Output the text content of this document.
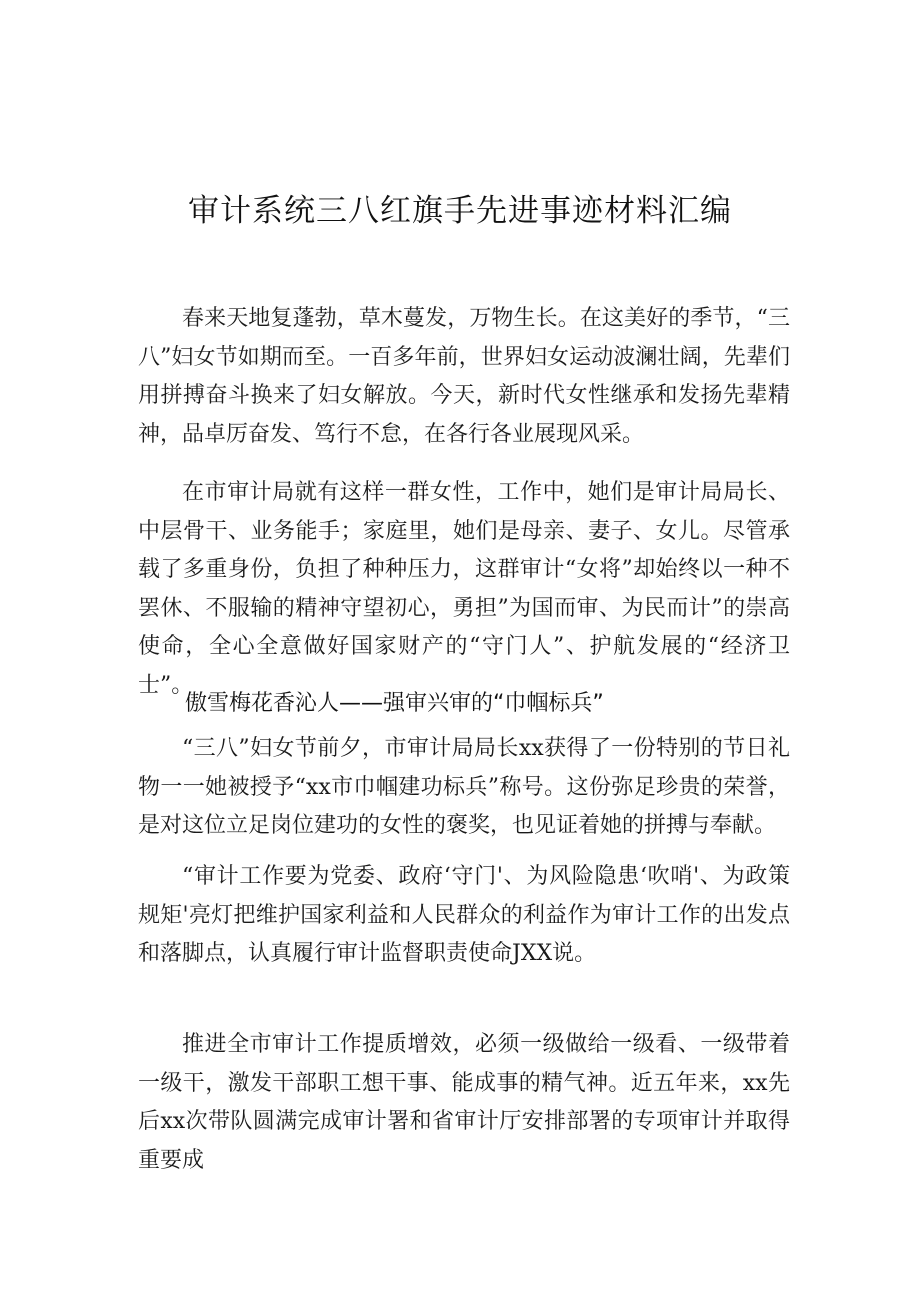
审计系统三八红旗手先进事迹材料汇编

春来天地复蓬勃，草木蔓发，万物生长。在这美好的季节，“三八”妇女节如期而至。一百多年前，世界妇女运动波澜壮阔，先辈们用拼搏奋斗换来了妇女解放。今天，新时代女性继承和发扬先辈精神，品卓厉奋发、笃行不怠，在各行各业展现风采。

在市审计局就有这样一群女性，工作中，她们是审计局局长、中层骨干、业务能手；家庭里，她们是母亲、妻子、女儿。尽管承载了多重身份，负担了种种压力，这群审计“女将”却始终以一种不罢休、不服输的精神守望初心，勇担”为国而审、为民而计”的崇高使命，全心全意做好国家财产的“守门人”、护航发展的“经济卫士”。

傲雪梅花香沁人——强审兴审的“巾帼标兵”

“三八”妇女节前夕，市审计局局长xx获得了一份特别的节日礼物一一她被授予“xx市巾帼建功标兵”称号。这份弥足珍贵的荣誉，是对这位立足岗位建功的女性的褒奖，也见证着她的拼搏与奉献。

“审计工作要为党委、政府‘守门'、为风险隐患‘吹哨'、为政策规矩'亮灯把维护国家利益和人民群众的利益作为审计工作的出发点和落脚点，认真履行审计监督职责使命JXX说。

推进全市审计工作提质增效，必须一级做给一级看、一级带着一级干，激发干部职工想干事、能成事的精气神。近五年来，xx先后xx次带队圆满完成审计署和省审计厅安排部署的专项审计并取得重要成
